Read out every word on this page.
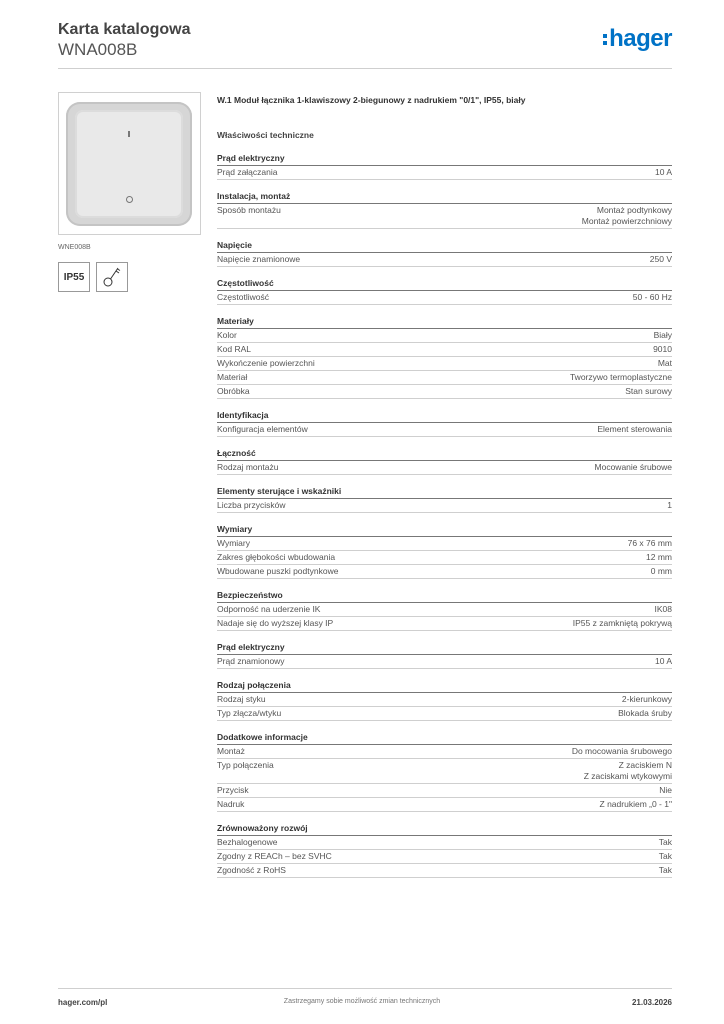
Karta katalogowa
WNA008B	hager
WNE008B
IP55
W.1 Moduł łącznika 1-klawiszowy 2-biegunowy z nadrukiem "0/1", IP55, biały
Właściwości techniczne
Prąd elektryczny
Prąd załączania	10 A
Instalacja, montaż
Sposób montażu	Montaż podtynkowy
Montaż powierzchniowy
Napięcie
Napięcie znamionowe	250 V
Częstotliwość
Częstotliwość	50 - 60 Hz
Materiały
Kolor	Biały
Kod RAL	9010
Wykończenie powierzchni	Mat
Materiał	Tworzywo termoplastyczne
Obróbka	Stan surowy
Identyfikacja
Konfiguracja elementów	Element sterowania
Łączność
Rodzaj montażu	Mocowanie śrubowe
Elementy sterujące i wskaźniki
Liczba przycisków	1
Wymiary
Wymiary	76 x 76 mm
Zakres głębokości wbudowania	12 mm
Wbudowane puszki podtynkowe	0 mm
Bezpieczeństwo
Odporność na uderzenie IK	IK08
Nadaje się do wyższej klasy IP	IP55 z zamkniętą pokrywą
Prąd elektryczny
Prąd znamionowy	10 A
Rodzaj połączenia
Rodzaj styku	2-kierunkowy
Typ złącza/wtyku	Blokada śruby
Dodatkowe informacje
Montaż	Do mocowania śrubowego
Typ połączenia	Z zaciskiem N
Z zaciskami wtykowymi
Przycisk	Nie
Nadruk	Z nadrukiem „0 - 1"
Zrównoważony rozwój
Bezhalogenowe	Tak
Zgodny z REACh – bez SVHC	Tak
Zgodność z RoHS	Tak
hager.com/pl	Zastrzegamy sobie możliwość zmian technicznych	21.03.2026
